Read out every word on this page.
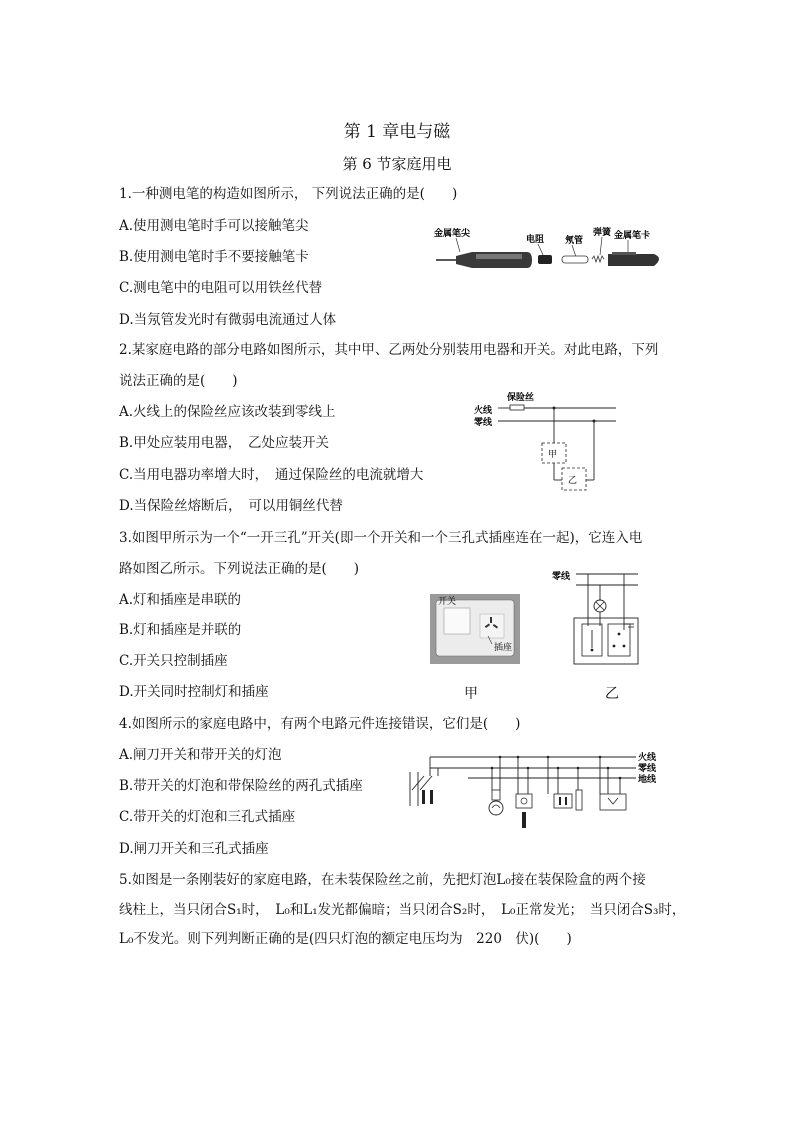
第 1 章电与磁
第 6 节家庭用电
1.一种测电笔的构造如图所示， 下列说法正确的是(　　)
A.使用测电笔时手可以接触笔尖
B.使用测电笔时手不要接触笔卡
C.测电笔中的电阻可以用铁丝代替
D.当氖管发光时有微弱电流通过人体
金属笔尖
电阻 氖管
弹簧 金属笔卡
2.某家庭电路的部分电路如图所示，其中甲、乙两处分别装用电器和开关。对此电路，下列
说法正确的是(　　)
A.火线上的保险丝应该改装到零线上
B.甲处应装用电器，　乙处应装开关
C.当用电器功率增大时，　通过保险丝的电流就增大
D.当保险丝熔断后，　可以用铜丝代替
保险丝
火线
零线
甲
乙
3.如图甲所示为一个“一开三孔”开关(即一个开关和一个三孔式插座连在一起)，它连入电
路如图乙所示。下列说法正确的是(　　)
A.灯和插座是串联的
B.灯和插座是并联的
C.开关只控制插座
D.开关同时控制灯和插座
开关
插座
甲
零线
乙
4.如图所示的家庭电路中，有两个电路元件连接错误，它们是(　　)
A.闸刀开关和带开关的灯泡
B.带开关的灯泡和带保险丝的两孔式插座
C.带开关的灯泡和三孔式插座
D.闸刀开关和三孔式插座
火线
零线
地线
5.如图是一条刚装好的家庭电路，在未装保险丝之前，先把灯泡L₀接在装保险盒的两个接
线柱上，当只闭合S₁时，　L₀和L₁发光都偏暗；当只闭合S₂时，　L₀正常发光；　当只闭合S₃时，
L₀不发光。则下列判断正确的是(四只灯泡的额定电压均为　220　伏)(　　)
